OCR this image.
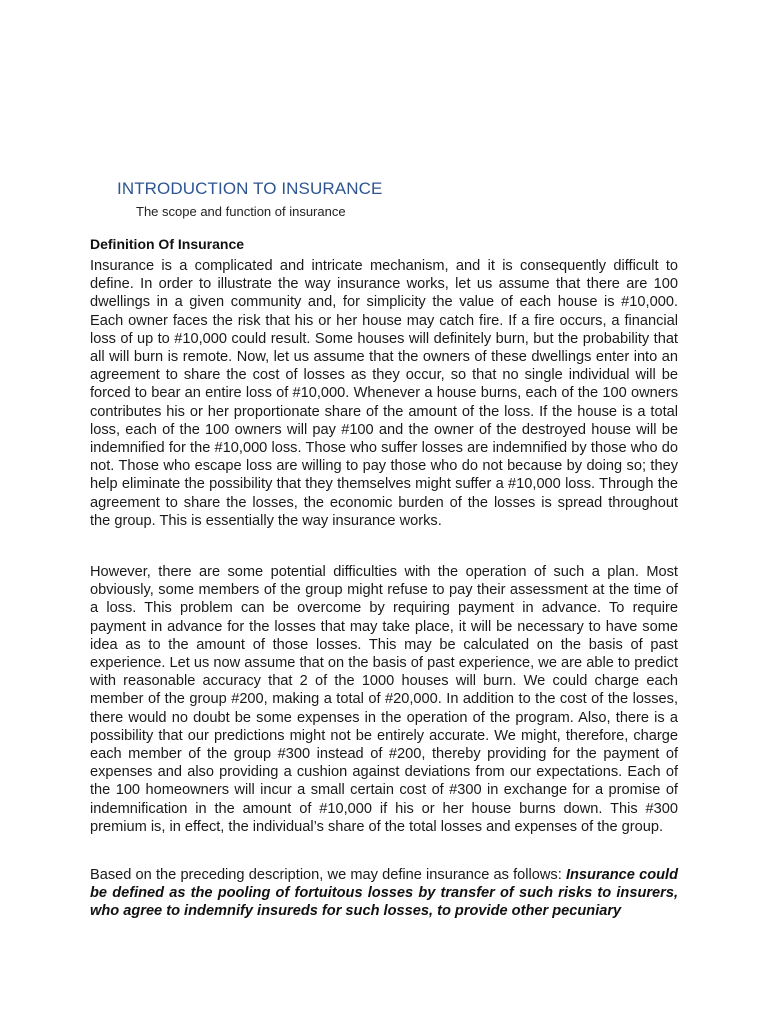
INTRODUCTION TO INSURANCE
The scope and function of insurance
Definition Of Insurance

Insurance is a complicated and intricate mechanism, and it is consequently difficult to define. In order to illustrate the way insurance works, let us assume that there are 100 dwellings in a given community and, for simplicity the value of each house is #10,000. Each owner faces the risk that his or her house may catch fire. If a fire occurs, a financial loss of up to #10,000 could result. Some houses will definitely burn, but the probability that all will burn is remote. Now, let us assume that the owners of these dwellings enter into an agreement to share the cost of losses as they occur, so that no single individual will be forced to bear an entire loss of #10,000. Whenever a house burns, each of the 100 owners contributes his or her proportionate share of the amount of the loss. If the house is a total loss, each of the 100 owners will pay #100 and the owner of the destroyed house will be indemnified for the #10,000 loss. Those who suffer losses are indemnified by those who do not. Those who escape loss are willing to pay those who do not because by doing so; they help eliminate the possibility that they themselves might suffer a #10,000 loss. Through the agreement to share the losses, the economic burden of the losses is spread throughout the group. This is essentially the way insurance works.

However, there are some potential difficulties with the operation of such a plan. Most obviously, some members of the group might refuse to pay their assessment at the time of a loss. This problem can be overcome by requiring payment in advance. To require payment in advance for the losses that may take place, it will be necessary to have some idea as to the amount of those losses. This may be calculated on the basis of past experience. Let us now assume that on the basis of past experience, we are able to predict with reasonable accuracy that 2 of the 1000 houses will burn. We could charge each member of the group #200, making a total of #20,000. In addition to the cost of the losses, there would no doubt be some expenses in the operation of the program. Also, there is a possibility that our predictions might not be entirely accurate. We might, therefore, charge each member of the group #300 instead of #200, thereby providing for the payment of expenses and also providing a cushion against deviations from our expectations. Each of the 100 homeowners will incur a small certain cost of #300 in exchange for a promise of indemnification in the amount of #10,000 if his or her house burns down. This #300 premium is, in effect, the individual’s share of the total losses and expenses of the group.

Based on the preceding description, we may define insurance as follows: Insurance could be defined as the pooling of fortuitous losses by transfer of such risks to insurers, who agree to indemnify insureds for such losses, to provide other pecuniary
